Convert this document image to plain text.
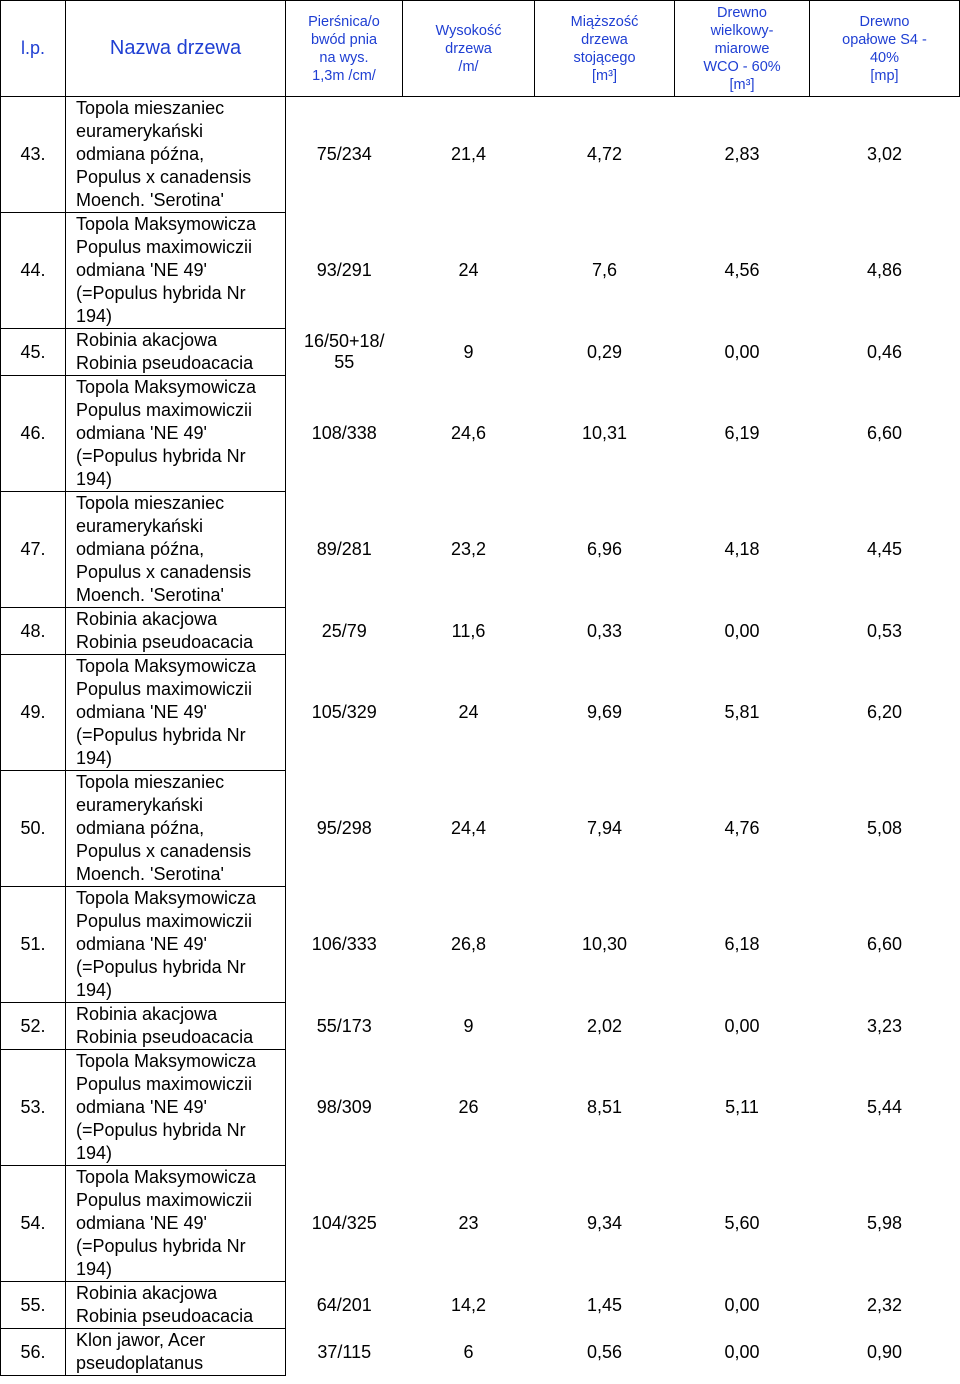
l.p.	Nazwa drzewa	Pierśnica/o
bwód pnia
na wys.
1,3m /cm/	Wysokość
drzewa
/m/	Miąższość
drzewa
stojącego
[m³]	Drewno
wielkowy-
miarowe
WCO - 60%
[m³]	Drewno
opałowe S4 -
40%
[mp]

43.	Topola mieszaniec
euramerykański
odmiana późna,
Populus x canadensis
Moench. 'Serotina'	75/234	21,4	4,72	2,83	3,02
44.	Topola Maksymowicza
Populus maximowiczii
odmiana 'NE 49'
(=Populus hybrida Nr
194)	93/291	24	7,6	4,56	4,86
45.	Robinia akacjowa
Robinia pseudoacacia	16/50+18/
55	9	0,29	0,00	0,46
46.	Topola Maksymowicza
Populus maximowiczii
odmiana 'NE 49'
(=Populus hybrida Nr
194)	108/338	24,6	10,31	6,19	6,60
47.	Topola mieszaniec
euramerykański
odmiana późna,
Populus x canadensis
Moench. 'Serotina'	89/281	23,2	6,96	4,18	4,45
48.	Robinia akacjowa
Robinia pseudoacacia	25/79	11,6	0,33	0,00	0,53
49.	Topola Maksymowicza
Populus maximowiczii
odmiana 'NE 49'
(=Populus hybrida Nr
194)	105/329	24	9,69	5,81	6,20
50.	Topola mieszaniec
euramerykański
odmiana późna,
Populus x canadensis
Moench. 'Serotina'	95/298	24,4	7,94	4,76	5,08
51.	Topola Maksymowicza
Populus maximowiczii
odmiana 'NE 49'
(=Populus hybrida Nr
194)	106/333	26,8	10,30	6,18	6,60
52.	Robinia akacjowa
Robinia pseudoacacia	55/173	9	2,02	0,00	3,23
53.	Topola Maksymowicza
Populus maximowiczii
odmiana 'NE 49'
(=Populus hybrida Nr
194)	98/309	26	8,51	5,11	5,44
54.	Topola Maksymowicza
Populus maximowiczii
odmiana 'NE 49'
(=Populus hybrida Nr
194)	104/325	23	9,34	5,60	5,98
55.	Robinia akacjowa
Robinia pseudoacacia	64/201	14,2	1,45	0,00	2,32
56.	Klon jawor, Acer
pseudoplatanus	37/115	6	0,56	0,00	0,90
